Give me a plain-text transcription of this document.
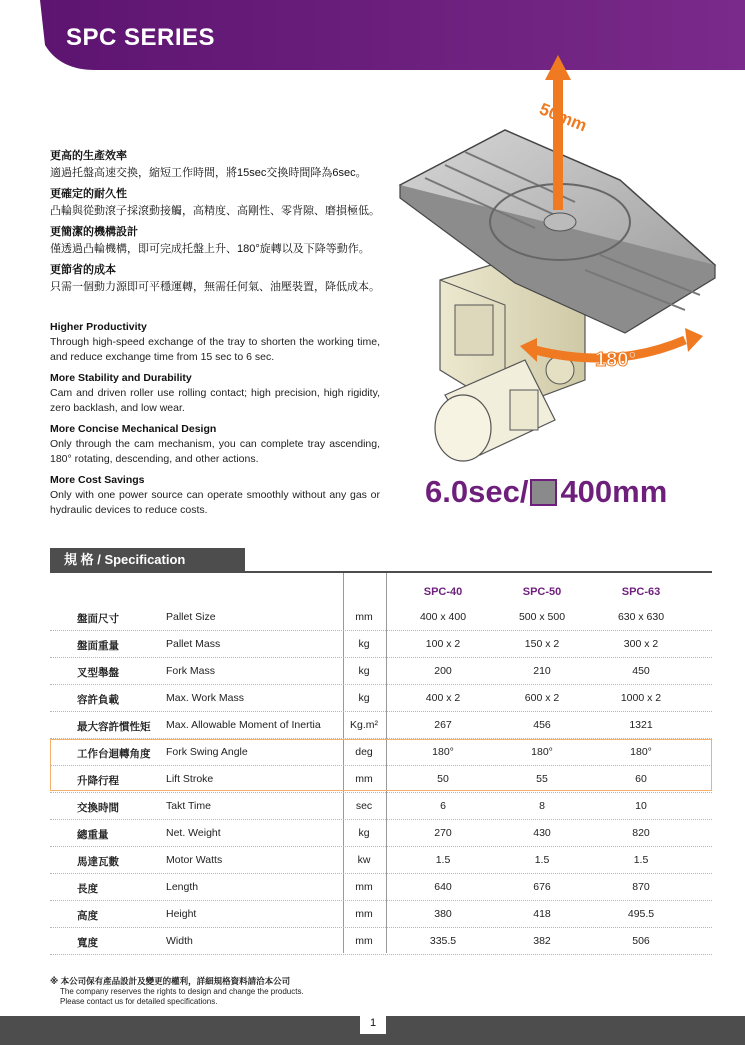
SPC SERIES
更高的生產效率
適過托盤高速交換，縮短工作時間，將15sec交換時間降為6sec。
更確定的耐久性
凸輪與從動滾子採滾動接觸，高精度、高剛性、零背隙、磨損極低。
更簡潔的機構設計
僅透過凸輪機構，即可完成托盤上升、180°旋轉以及下降等動作。
更節省的成本
只需一個動力源即可平穩運轉，無需任何氣、油壓裝置，降低成本。
Higher Productivity
Through high-speed exchange of the tray to shorten the working time, and reduce exchange time from 15 sec to 6 sec.
More Stability and Durability
Cam and driven roller use rolling contact; high precision, high rigidity, zero backlash, and low wear.
More Concise Mechanical Design
Only through the cam mechanism, you can complete tray ascending, 180° rotating, descending, and other actions.
More Cost Savings
Only with one power source can operate smoothly without any gas or hydraulic devices to reduce costs.
50mm
180°
6.0sec/ 400mm
規 格 / Specification
SPC-40	SPC-50	SPC-63
盤面尺寸	Pallet Size	mm	400 x 400	500 x 500	630 x 630
盤面重量	Pallet Mass	kg	100 x 2	150 x 2	300 x 2
叉型舉盤	Fork Mass	kg	200	210	450
容許負載	Max. Work Mass	kg	400 x 2	600 x 2	1000 x 2
最大容許慣性矩 Max. Allowable Moment of Inertia	Kg.m²	267	456	1321
工作台迴轉角度 Fork Swing Angle	deg	180°	180°	180°
升降行程	Lift Stroke	mm	50	55	60
交換時間	Takt Time	sec	6	8	10
總重量	Net. Weight	kg	270	430	820
馬達瓦數	Motor Watts	kw	1.5	1.5	1.5
長度	Length	mm	640	676	870
高度	Height	mm	380	418	495.5
寬度	Width	mm	335.5	382	506
※ 本公司保有產品設計及變更的權利，詳細規格資料請洽本公司
The company reserves the rights to design and change the products.
Please contact us for detailed specifications.
1
